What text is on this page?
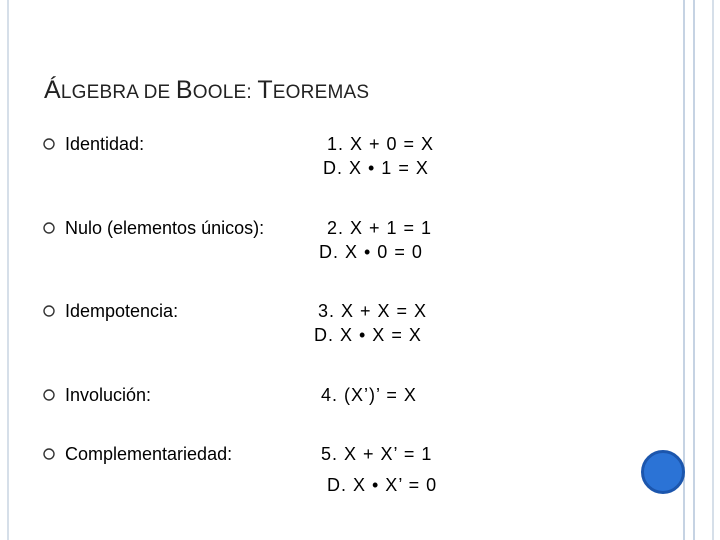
ÁLGEBRA DE BOOLE: TEOREMAS
Identidad:	1. X + 0 = X
D. X • 1 = X
Nulo (elementos únicos):	2. X + 1 = 1
D. X • 0 = 0
Idempotencia:	3. X + X = X
D. X • X = X
Involución:	4. (X’)’ = X
Complementariedad:	5. X + X’ = 1
D. X • X’ = 0
